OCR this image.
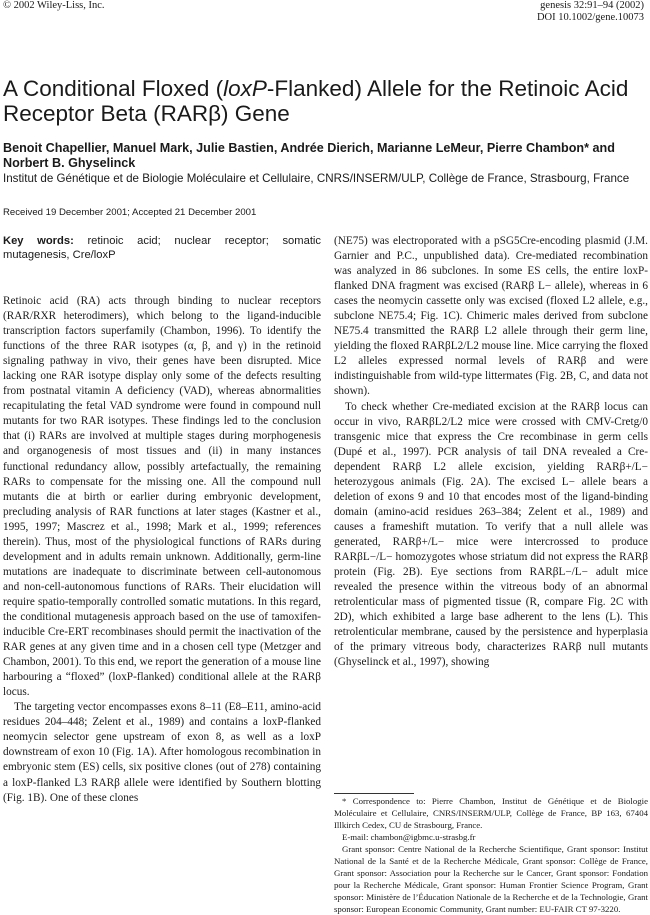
© 2002 Wiley-Liss, Inc.	genesis 32:91–94 (2002)
DOI 10.1002/gene.10073
A Conditional Floxed (loxP-Flanked) Allele for the Retinoic Acid Receptor Beta (RARβ) Gene
Benoit Chapellier, Manuel Mark, Julie Bastien, Andrée Dierich, Marianne LeMeur, Pierre Chambon* and Norbert B. Ghyselinck
Institut de Génétique et de Biologie Moléculaire et Cellulaire, CNRS/INSERM/ULP, Collège de France, Strasbourg, France
Received 19 December 2001; Accepted 21 December 2001
Key words: retinoic acid; nuclear receptor; somatic mutagenesis, Cre/loxP

Retinoic acid (RA) acts through binding to nuclear receptors (RAR/RXR heterodimers), which belong to the ligand-inducible transcription factors superfamily (Chambon, 1996). To identify the functions of the three RAR isotypes (α, β, and γ) in the retinoid signaling pathway in vivo, their genes have been disrupted. Mice lacking one RAR isotype display only some of the defects resulting from postnatal vitamin A deficiency (VAD), whereas abnormalities recapitulating the fetal VAD syndrome were found in compound null mutants for two RAR isotypes. These findings led to the conclusion that (i) RARs are involved at multiple stages during morphogenesis and organogenesis of most tissues and (ii) in many instances functional redundancy allow, possibly artefactually, the remaining RARs to compensate for the missing one. All the compound null mutants die at birth or earlier during embryonic development, precluding analysis of RAR functions at later stages (Kastner et al., 1995, 1997; Mascrez et al., 1998; Mark et al., 1999; references therein). Thus, most of the physiological functions of RARs during development and in adults remain unknown. Additionally, germ-line mutations are inadequate to discriminate between cell-autonomous and non-cell-autonomous functions of RARs. Their elucidation will require spatio-temporally controlled somatic mutations. In this regard, the conditional mutagenesis approach based on the use of tamoxifen-inducible Cre-ERT recombinases should permit the inactivation of the RAR genes at any given time and in a chosen cell type (Metzger and Chambon, 2001). To this end, we report the generation of a mouse line harbouring a “floxed” (loxP-flanked) conditional allele at the RARβ locus.

The targeting vector encompasses exons 8–11 (E8–E11, amino-acid residues 204–448; Zelent et al., 1989) and contains a loxP-flanked neomycin selector gene upstream of exon 8, as well as a loxP downstream of exon 10 (Fig. 1A). After homologous recombination in embryonic stem (ES) cells, six positive clones (out of 278) containing a loxP-flanked L3 RARβ allele were identified by Southern blotting (Fig. 1B). One of these clones

(NE75) was electroporated with a pSG5Cre-encoding plasmid (J.M. Garnier and P.C., unpublished data). Cre-mediated recombination was analyzed in 86 subclones. In some ES cells, the entire loxP-flanked DNA fragment was excised (RARβ L− allele), whereas in 6 cases the neomycin cassette only was excised (floxed L2 allele, e.g., subclone NE75.4; Fig. 1C). Chimeric males derived from subclone NE75.4 transmitted the RARβ L2 allele through their germ line, yielding the floxed RARβL2/L2 mouse line. Mice carrying the floxed L2 alleles expressed normal levels of RARβ and were indistinguishable from wild-type littermates (Fig. 2B, C, and data not shown).

To check whether Cre-mediated excision at the RARβ locus can occur in vivo, RARβL2/L2 mice were crossed with CMV-Cretg/0 transgenic mice that express the Cre recombinase in germ cells (Dupé et al., 1997). PCR analysis of tail DNA revealed a Cre-dependent RARβ L2 allele excision, yielding RARβ+/L− heterozygous animals (Fig. 2A). The excised L− allele bears a deletion of exons 9 and 10 that encodes most of the ligand-binding domain (amino-acid residues 263–384; Zelent et al., 1989) and causes a frameshift mutation. To verify that a null allele was generated, RARβ+/L− mice were intercrossed to produce RARβL−/L− homozygotes whose striatum did not express the RARβ protein (Fig. 2B). Eye sections from RARβL−/L− adult mice revealed the presence within the vitreous body of an abnormal retrolenticular mass of pigmented tissue (R, compare Fig. 2C with 2D), which exhibited a large base adherent to the lens (L). This retrolenticular membrane, caused by the persistence and hyperplasia of the primary vitreous body, characterizes RARβ null mutants (Ghyselinck et al., 1997), showing

* Correspondence to: Pierre Chambon, Institut de Génétique et de Biologie Moléculaire et Cellulaire, CNRS/INSERM/ULP, Collège de France, BP 163, 67404 Illkirch Cedex, CU de Strasbourg, France.

E-mail: chambon@igbmc.u-strasbg.fr

Grant sponsor: Centre National de la Recherche Scientifique, Grant sponsor: Institut National de la Santé et de la Recherche Médicale, Grant sponsor: Collège de France, Grant sponsor: Association pour la Recherche sur le Cancer, Grant sponsor: Fondation pour la Recherche Médicale, Grant sponsor: Human Frontier Science Program, Grant sponsor: Ministère de l’Éducation Nationale de la Recherche et de la Technologie, Grant sponsor: European Economic Community, Grant number: EU-FAIR CT 97-3220.
